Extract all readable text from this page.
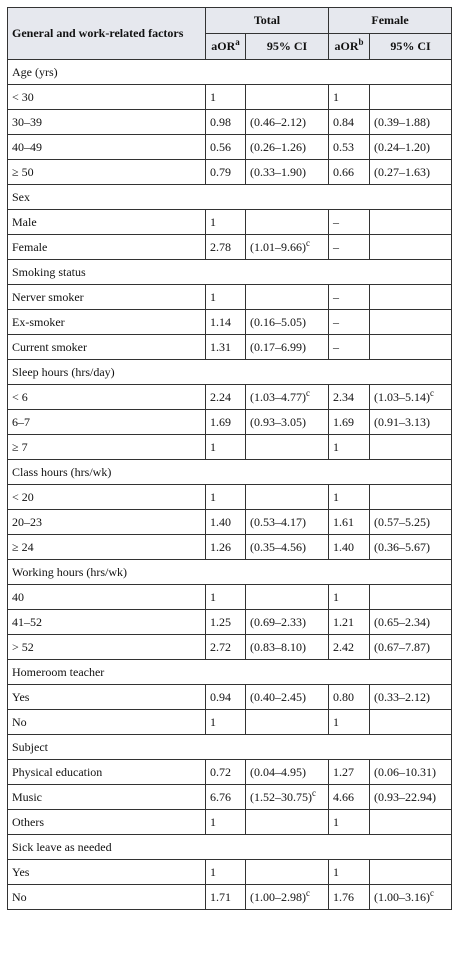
General and work-related factors	Total		Female	
	aOR$^a$	95% CI	aOR$^b$	95% CI
Age (yrs)				
< 30	1		1	
30–39	0.98	(0.46–2.12)	0.84	(0.39–1.88)
40–49	0.56	(0.26–1.26)	0.53	(0.24–1.20)
≥ 50	0.79	(0.33–1.90)	0.66	(0.27–1.63)
Sex				
Male	1		–	
Female	2.78	$(1.01-9.66)^c$	–	
Smoking status				
Nerver smoker	1		–	
Ex-smoker	1.14	(0.16–5.05)	–	
Current smoker	1.31	(0.17–6.99)	–	
Sleep hours (hrs/day)				
< 6	2.24	$(1.03-4.77)^c$	2.34	$(1.03-5.14)^c$
6–7	1.69	(0.93–3.05)	1.69	(0.91–3.13)
≥ 7	1		1	
Class hours (hrs/wk)				
< 20	1		1	
20–23	1.40	(0.53–4.17)	1.61	(0.57–5.25)
≥ 24	1.26	(0.35–4.56)	1.40	(0.36–5.67)
Working hours (hrs/wk)				
40	1		1	
41–52	1.25	(0.69–2.33)	1.21	(0.65–2.34)
> 52	2.72	(0.83–8.10)	2.42	(0.67–7.87)
Homeroom teacher				
Yes	0.94	(0.40–2.45)	0.80	(0.33–2.12)
No	1		1	
Subject				
Physical education	0.72	(0.04–4.95)	1.27	(0.06–10.31)
Music	6.76	$(1.52-30.75)^c$	4.66	(0.93–22.94)
Others	1		1	
Sick leave as needed				
Yes	1		1	
No	1.71	$(1.00-2.98)^c$	1.76	$(1.00-3.16)^c$
